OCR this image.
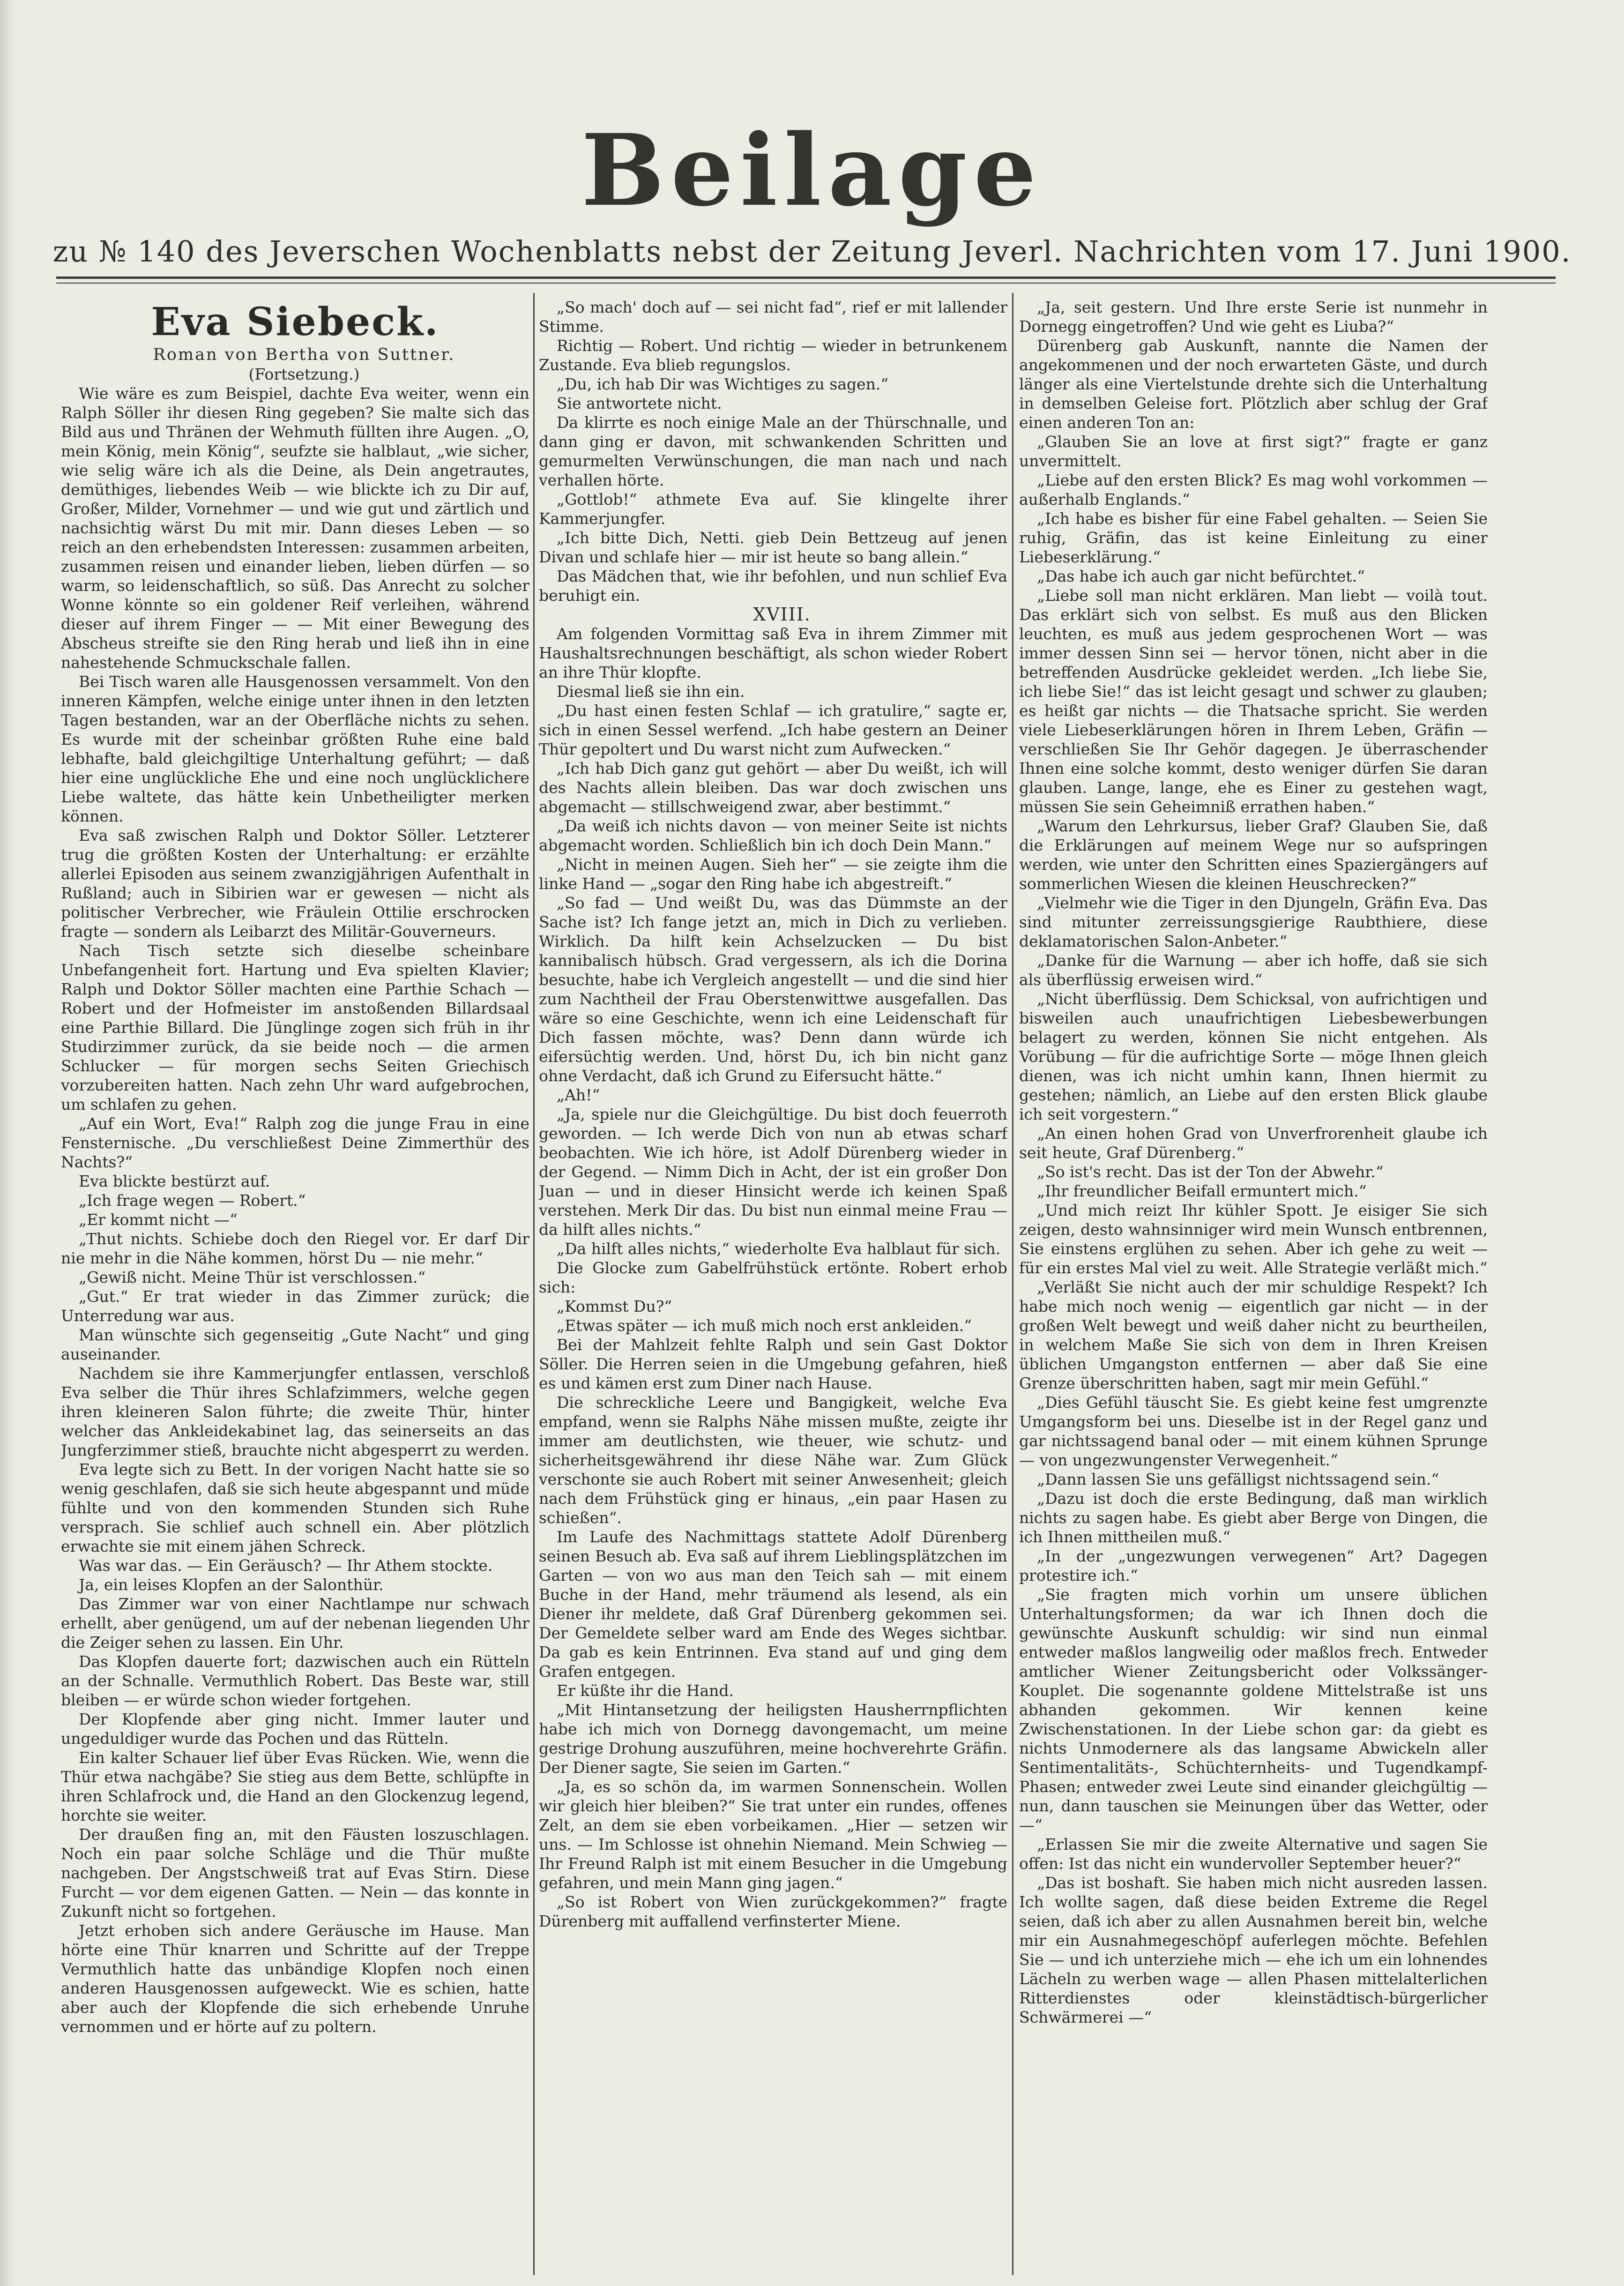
Beilage
zu № 140 des Jeverschen Wochenblatts nebst der Zeitung Jeverl. Nachrichten vom 17. Juni 1900.
Eva Siebeck.

Roman von Bertha von Suttner.

(Fortsetzung.)

Wie wäre es zum Beispiel, dachte Eva weiter, wenn ein Ralph Söller ihr diesen Ring gegeben? Sie malte sich das Bild aus und Thränen der Wehmuth füllten ihre Augen. „O, mein König, mein König“, seufzte sie halblaut, „wie sicher, wie selig wäre ich als die Deine, als Dein angetrautes, demüthiges, liebendes Weib — wie blickte ich zu Dir auf, Großer, Milder, Vornehmer — und wie gut und zärtlich und nachsichtig wärst Du mit mir. Dann dieses Leben — so reich an den erhebendsten Interessen: zusammen arbeiten, zusammen reisen und einander lieben, lieben dürfen — so warm, so leidenschaftlich, so süß. Das Anrecht zu solcher Wonne könnte so ein goldener Reif verleihen, während dieser auf ihrem Finger — — Mit einer Bewegung des Abscheus streifte sie den Ring herab und ließ ihn in eine nahestehende Schmuckschale fallen.

Bei Tisch waren alle Hausgenossen versammelt. Von den inneren Kämpfen, welche einige unter ihnen in den letzten Tagen bestanden, war an der Oberfläche nichts zu sehen. Es wurde mit der scheinbar größten Ruhe eine bald lebhafte, bald gleichgiltige Unterhaltung geführt; — daß hier eine unglückliche Ehe und eine noch unglücklichere Liebe waltete, das hätte kein Unbetheiligter merken können.

Eva saß zwischen Ralph und Doktor Söller. Letzterer trug die größten Kosten der Unterhaltung: er erzählte allerlei Episoden aus seinem zwanzigjährigen Aufenthalt in Rußland; auch in Sibirien war er gewesen — nicht als politischer Verbrecher, wie Fräulein Ottilie erschrocken fragte — sondern als Leibarzt des Militär-Gouverneurs.

Nach Tisch setzte sich dieselbe scheinbare Unbefangenheit fort. Hartung und Eva spielten Klavier; Ralph und Doktor Söller machten eine Parthie Schach — Robert und der Hofmeister im anstoßenden Billardsaal eine Parthie Billard. Die Jünglinge zogen sich früh in ihr Studirzimmer zurück, da sie beide noch — die armen Schlucker — für morgen sechs Seiten Griechisch vorzubereiten hatten. Nach zehn Uhr ward aufgebrochen, um schlafen zu gehen.

„Auf ein Wort, Eva!“ Ralph zog die junge Frau in eine Fensternische. „Du verschließest Deine Zimmerthür des Nachts?“

Eva blickte bestürzt auf.

„Ich frage wegen — Robert.“

„Er kommt nicht —“

„Thut nichts. Schiebe doch den Riegel vor. Er darf Dir nie mehr in die Nähe kommen, hörst Du — nie mehr.“

„Gewiß nicht. Meine Thür ist verschlossen.“

„Gut.“ Er trat wieder in das Zimmer zurück; die Unterredung war aus.

Man wünschte sich gegenseitig „Gute Nacht“ und ging auseinander.

Nachdem sie ihre Kammerjungfer entlassen, verschloß Eva selber die Thür ihres Schlafzimmers, welche gegen ihren kleineren Salon führte; die zweite Thür, hinter welcher das Ankleidekabinet lag, das seinerseits an das Jungferzimmer stieß, brauchte nicht abgesperrt zu werden.

Eva legte sich zu Bett. In der vorigen Nacht hatte sie so wenig geschlafen, daß sie sich heute abgespannt und müde fühlte und von den kommenden Stunden sich Ruhe versprach. Sie schlief auch schnell ein. Aber plötzlich erwachte sie mit einem jähen Schreck.

Was war das. — Ein Geräusch? — Ihr Athem stockte.

Ja, ein leises Klopfen an der Salonthür.

Das Zimmer war von einer Nachtlampe nur schwach erhellt, aber genügend, um auf der nebenan liegenden Uhr die Zeiger sehen zu lassen. Ein Uhr.

Das Klopfen dauerte fort; dazwischen auch ein Rütteln an der Schnalle. Vermuthlich Robert. Das Beste war, still bleiben — er würde schon wieder fortgehen.

Der Klopfende aber ging nicht. Immer lauter und ungeduldiger wurde das Pochen und das Rütteln.

Ein kalter Schauer lief über Evas Rücken. Wie, wenn die Thür etwa nachgäbe? Sie stieg aus dem Bette, schlüpfte in ihren Schlafrock und, die Hand an den Glockenzug legend, horchte sie weiter.

Der draußen fing an, mit den Fäusten loszuschlagen. Noch ein paar solche Schläge und die Thür mußte nachgeben. Der Angstschweiß trat auf Evas Stirn. Diese Furcht — vor dem eigenen Gatten. — Nein — das konnte in Zukunft nicht so fortgehen.

Jetzt erhoben sich andere Geräusche im Hause. Man hörte eine Thür knarren und Schritte auf der Treppe Vermuthlich hatte das unbändige Klopfen noch einen anderen Hausgenossen aufgeweckt. Wie es schien, hatte aber auch der Klopfende die sich erhebende Unruhe vernommen und er hörte auf zu poltern.

„So mach' doch auf — sei nicht fad“, rief er mit lallender Stimme.

Richtig — Robert. Und richtig — wieder in betrunkenem Zustande. Eva blieb regungslos.

„Du, ich hab Dir was Wichtiges zu sagen.“

Sie antwortete nicht.

Da klirrte es noch einige Male an der Thürschnalle, und dann ging er davon, mit schwankenden Schritten und gemurmelten Verwünschungen, die man nach und nach verhallen hörte.

„Gottlob!“ athmete Eva auf. Sie klingelte ihrer Kammerjungfer.

„Ich bitte Dich, Netti. gieb Dein Bettzeug auf jenen Divan und schlafe hier — mir ist heute so bang allein.“

Das Mädchen that, wie ihr befohlen, und nun schlief Eva beruhigt ein.

XVIII.

Am folgenden Vormittag saß Eva in ihrem Zimmer mit Haushaltsrechnungen beschäftigt, als schon wieder Robert an ihre Thür klopfte.

Diesmal ließ sie ihn ein.

„Du hast einen festen Schlaf — ich gratulire,“ sagte er, sich in einen Sessel werfend. „Ich habe gestern an Deiner Thür gepoltert und Du warst nicht zum Aufwecken.“

„Ich hab Dich ganz gut gehört — aber Du weißt, ich will des Nachts allein bleiben. Das war doch zwischen uns abgemacht — stillschweigend zwar, aber bestimmt.“

„Da weiß ich nichts davon — von meiner Seite ist nichts abgemacht worden. Schließlich bin ich doch Dein Mann.“

„Nicht in meinen Augen. Sieh her“ — sie zeigte ihm die linke Hand — „sogar den Ring habe ich abgestreift.“

„So fad — Und weißt Du, was das Dümmste an der Sache ist? Ich fange jetzt an, mich in Dich zu verlieben. Wirklich. Da hilft kein Achselzucken — Du bist kannibalisch hübsch. Grad vergessern, als ich die Dorina besuchte, habe ich Vergleich angestellt — und die sind hier zum Nachtheil der Frau Oberstenwittwe ausgefallen. Das wäre so eine Geschichte, wenn ich eine Leidenschaft für Dich fassen möchte, was? Denn dann würde ich eifersüchtig werden. Und, hörst Du, ich bin nicht ganz ohne Verdacht, daß ich Grund zu Eifersucht hätte.“

„Ah!“

„Ja, spiele nur die Gleichgültige. Du bist doch feuerroth geworden. — Ich werde Dich von nun ab etwas scharf beobachten. Wie ich höre, ist Adolf Dürenberg wieder in der Gegend. — Nimm Dich in Acht, der ist ein großer Don Juan — und in dieser Hinsicht werde ich keinen Spaß verstehen. Merk Dir das. Du bist nun einmal meine Frau — da hilft alles nichts.“

„Da hilft alles nichts,“ wiederholte Eva halblaut für sich.

Die Glocke zum Gabelfrühstück ertönte. Robert erhob sich:

„Kommst Du?“

„Etwas später — ich muß mich noch erst ankleiden.“

Bei der Mahlzeit fehlte Ralph und sein Gast Doktor Söller. Die Herren seien in die Umgebung gefahren, hieß es und kämen erst zum Diner nach Hause.

Die schreckliche Leere und Bangigkeit, welche Eva empfand, wenn sie Ralphs Nähe missen mußte, zeigte ihr immer am deutlichsten, wie theuer, wie schutz- und sicherheitsgewährend ihr diese Nähe war. Zum Glück verschonte sie auch Robert mit seiner Anwesenheit; gleich nach dem Frühstück ging er hinaus, „ein paar Hasen zu schießen“.

Im Laufe des Nachmittags stattete Adolf Dürenberg seinen Besuch ab. Eva saß auf ihrem Lieblingsplätzchen im Garten — von wo aus man den Teich sah — mit einem Buche in der Hand, mehr träumend als lesend, als ein Diener ihr meldete, daß Graf Dürenberg gekommen sei. Der Gemeldete selber ward am Ende des Weges sichtbar. Da gab es kein Entrinnen. Eva stand auf und ging dem Grafen entgegen.

Er küßte ihr die Hand.

„Mit Hintansetzung der heiligsten Hausherrnpflichten habe ich mich von Dornegg davongemacht, um meine gestrige Drohung auszuführen, meine hochverehrte Gräfin. Der Diener sagte, Sie seien im Garten.“

„Ja, es so schön da, im warmen Sonnenschein. Wollen wir gleich hier bleiben?“ Sie trat unter ein rundes, offenes Zelt, an dem sie eben vorbeikamen. „Hier — setzen wir uns. — Im Schlosse ist ohnehin Niemand. Mein Schwieg — Ihr Freund Ralph ist mit einem Besucher in die Umgebung gefahren, und mein Mann ging jagen.“

„So ist Robert von Wien zurückgekommen?“ fragte Dürenberg mit auffallend verfinsterter Miene.

„Ja, seit gestern. Und Ihre erste Serie ist nunmehr in Dornegg eingetroffen? Und wie geht es Liuba?“

Dürenberg gab Auskunft, nannte die Namen der angekommenen und der noch erwarteten Gäste, und durch länger als eine Viertelstunde drehte sich die Unterhaltung in demselben Geleise fort. Plötzlich aber schlug der Graf einen anderen Ton an:

„Glauben Sie an love at first sigt?“ fragte er ganz unvermittelt.

„Liebe auf den ersten Blick? Es mag wohl vorkommen — außerhalb Englands.“

„Ich habe es bisher für eine Fabel gehalten. — Seien Sie ruhig, Gräfin, das ist keine Einleitung zu einer Liebeserklärung.“

„Das habe ich auch gar nicht befürchtet.“

„Liebe soll man nicht erklären. Man liebt — voilà tout. Das erklärt sich von selbst. Es muß aus den Blicken leuchten, es muß aus jedem gesprochenen Wort — was immer dessen Sinn sei — hervor tönen, nicht aber in die betreffenden Ausdrücke gekleidet werden. „Ich liebe Sie, ich liebe Sie!“ das ist leicht gesagt und schwer zu glauben; es heißt gar nichts — die Thatsache spricht. Sie werden viele Liebeserklärungen hören in Ihrem Leben, Gräfin — verschließen Sie Ihr Gehör dagegen. Je überraschender Ihnen eine solche kommt, desto weniger dürfen Sie daran glauben. Lange, lange, ehe es Einer zu gestehen wagt, müssen Sie sein Geheimniß errathen haben.“

„Warum den Lehrkursus, lieber Graf? Glauben Sie, daß die Erklärungen auf meinem Wege nur so aufspringen werden, wie unter den Schritten eines Spaziergängers auf sommerlichen Wiesen die kleinen Heuschrecken?“

„Vielmehr wie die Tiger in den Djungeln, Gräfin Eva. Das sind mitunter zerreissungsgierige Raubthiere, diese deklamatorischen Salon-Anbeter.“

„Danke für die Warnung — aber ich hoffe, daß sie sich als überflüssig erweisen wird.“

„Nicht überflüssig. Dem Schicksal, von aufrichtigen und bisweilen auch unaufrichtigen Liebesbewerbungen belagert zu werden, können Sie nicht entgehen. Als Vorübung — für die aufrichtige Sorte — möge Ihnen gleich dienen, was ich nicht umhin kann, Ihnen hiermit zu gestehen; nämlich, an Liebe auf den ersten Blick glaube ich seit vorgestern.“

„An einen hohen Grad von Unverfrorenheit glaube ich seit heute, Graf Dürenberg.“

„So ist's recht. Das ist der Ton der Abwehr.“

„Ihr freundlicher Beifall ermuntert mich.“

„Und mich reizt Ihr kühler Spott. Je eisiger Sie sich zeigen, desto wahnsinniger wird mein Wunsch entbrennen, Sie einstens erglühen zu sehen. Aber ich gehe zu weit — für ein erstes Mal viel zu weit. Alle Strategie verläßt mich.“

„Verläßt Sie nicht auch der mir schuldige Respekt? Ich habe mich noch wenig — eigentlich gar nicht — in der großen Welt bewegt und weiß daher nicht zu beurtheilen, in welchem Maße Sie sich von dem in Ihren Kreisen üblichen Umgangston entfernen — aber daß Sie eine Grenze überschritten haben, sagt mir mein Gefühl.“

„Dies Gefühl täuscht Sie. Es giebt keine fest umgrenzte Umgangsform bei uns. Dieselbe ist in der Regel ganz und gar nichtssagend banal oder — mit einem kühnen Sprunge — von ungezwungenster Verwegenheit.“

„Dann lassen Sie uns gefälligst nichtssagend sein.“

„Dazu ist doch die erste Bedingung, daß man wirklich nichts zu sagen habe. Es giebt aber Berge von Dingen, die ich Ihnen mittheilen muß.“

„In der „ungezwungen verwegenen“ Art? Dagegen protestire ich.“

„Sie fragten mich vorhin um unsere üblichen Unterhaltungsformen; da war ich Ihnen doch die gewünschte Auskunft schuldig: wir sind nun einmal entweder maßlos langweilig oder maßlos frech. Entweder amtlicher Wiener Zeitungsbericht oder Volkssänger-Kouplet. Die sogenannte goldene Mittelstraße ist uns abhanden gekommen. Wir kennen keine Zwischenstationen. In der Liebe schon gar: da giebt es nichts Unmodernere als das langsame Abwickeln aller Sentimentalitäts-, Schüchternheits- und Tugendkampf-Phasen; entweder zwei Leute sind einander gleichgültig — nun, dann tauschen sie Meinungen über das Wetter, oder —“

„Erlassen Sie mir die zweite Alternative und sagen Sie offen: Ist das nicht ein wundervoller September heuer?“

„Das ist boshaft. Sie haben mich nicht ausreden lassen. Ich wollte sagen, daß diese beiden Extreme die Regel seien, daß ich aber zu allen Ausnahmen bereit bin, welche mir ein Ausnahmegeschöpf auferlegen möchte. Befehlen Sie — und ich unterziehe mich — ehe ich um ein lohnendes Lächeln zu werben wage — allen Phasen mittelalterlichen Ritterdienstes oder kleinstädtisch-bürgerlicher Schwärmerei —“
